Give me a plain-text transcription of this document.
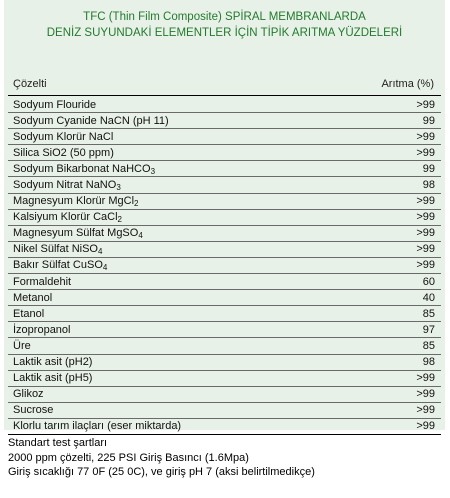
TFC (Thin Film Composite) SPİRAL MEMBRANLARDA
DENİZ SUYUNDAKİ ELEMENTLER İÇİN TİPİK ARITMA YÜZDELERİ
Çözelti	Arıtma (%)
Sodyum Flouride	>99
Sodyum Cyanide NaCN (pH 11)	99
Sodyum Klorür NaCl	>99
Silica SiO2 (50 ppm)	>99
Sodyum Bikarbonat NaHCO$_3$	99
Sodyum Nitrat NaNO$_3$	98
Magnesyum Klorür MgCl$_2$	>99
Kalsiyum Klorür CaCl$_2$	>99
Magnesyum Sülfat MgSO$_4$	>99
Nikel Sülfat NiSO$_4$	>99
Bakır Sülfat CuSO$_4$	>99
Formaldehit	60
Metanol	40
Etanol	85
İzopropanol	97
Üre	85
Laktik asit (pH2)	98
Laktik asit (pH5)	>99
Glikoz	>99
Sucrose	>99
Klorlu tarım ilaçları (eser miktarda)	>99
Standart test şartları
2000 ppm çözelti, 225 PSI Giriş Basıncı (1.6Mpa)
Giriş sıcaklığı 77 0F (25 0C), ve giriş pH 7 (aksi belirtilmedikçe)
